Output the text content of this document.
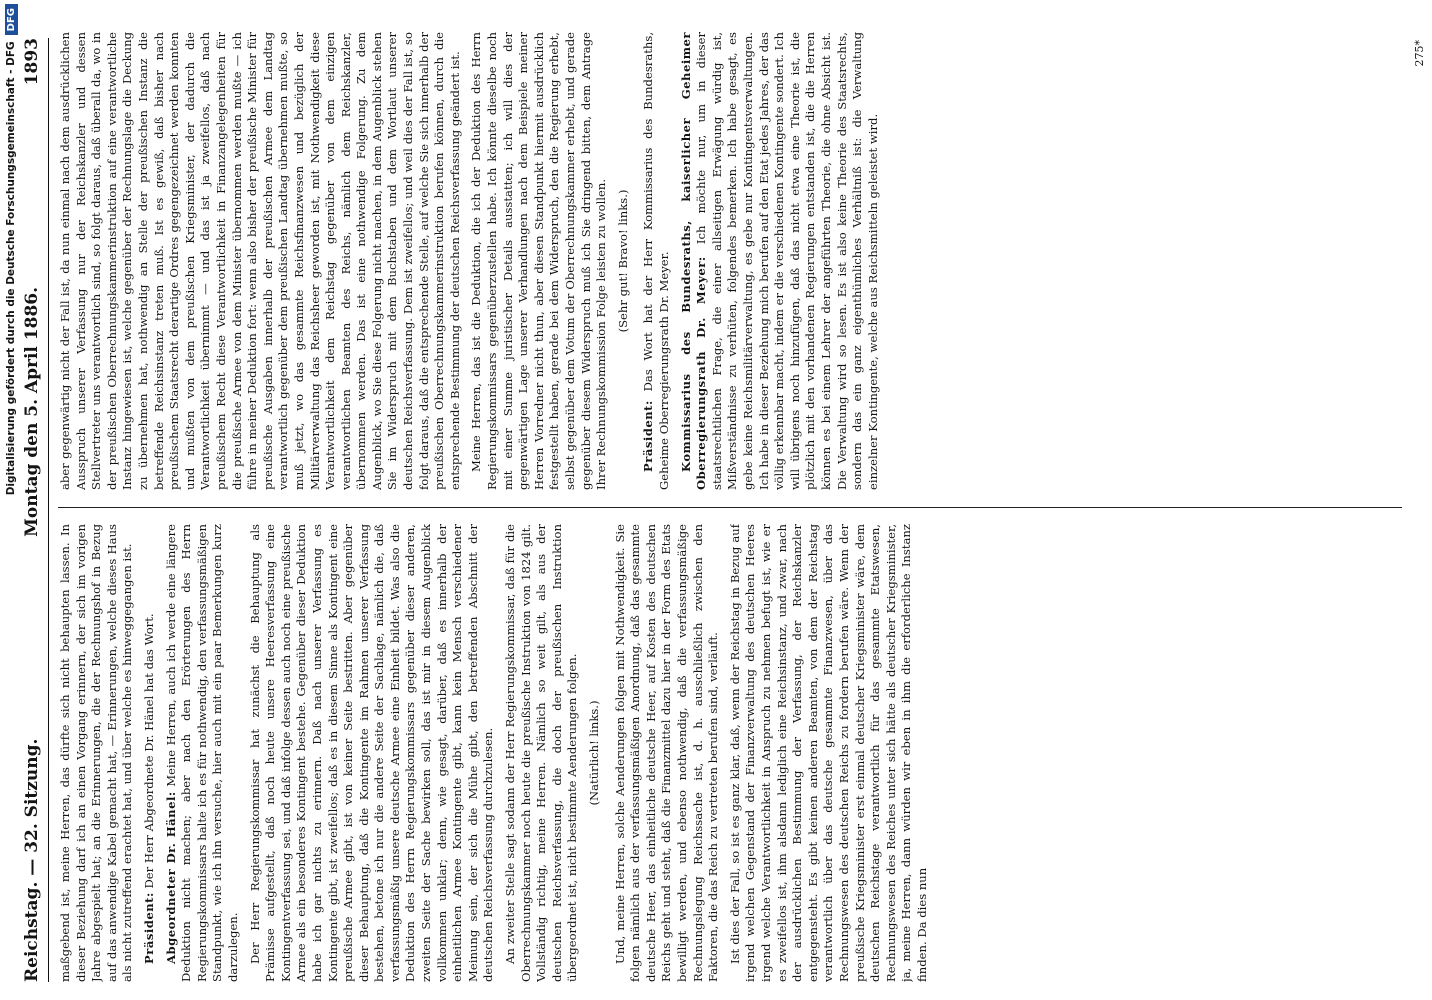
Digitalisierung gefördert durch die Deutsche Forschungsgemeinschaft - DFG
DFG
Reichstag. — 32. Sitzung.
Montag den 5. April 1886.
1893

maßgebend ist, meine Herren, das dürfte sich nicht behaupten lassen. In dieser Beziehung darf ich an einen Vorgang erinnern, der sich im vorigen Jahre abgespielt hat; an die Erinnerungen, die der Rechnungshof in Bezug auf das anwendige Kabel gemacht hat, — Erinnerungen, welche dieses Haus als nicht zutreffend erachtet hat, und über welche es hinweggegangen ist. Präsident: Der Herr Abgeordnete Dr. Hänel hat das Wort. Abgeordneter Dr. Hänel: Meine Herren, auch ich werde eine längere Deduktion nicht machen; aber nach den Erörterungen des Herrn Regierungskommissars halte ich es für nothwendig, den verfassungsmäßigen Standpunkt, wie ich ihn versuche, hier auch mit ein paar Bemerkungen kurz darzulegen. Der Herr Regierungskommissar hat zunächst die Behauptung als Prämisse aufgestellt, daß noch heute unsere Heeresverfassung eine Kontingentverfassung sei, und daß infolge dessen auch noch eine preußische Armee als ein besonderes Kontingent bestehe. Gegenüber dieser Deduktion habe ich gar nichts zu erinnern. Daß nach unserer Verfassung es Kontingente gibt, ist zweifellos; daß es in diesem Sinne als Kontingent eine preußische Armee gibt, ist von keiner Seite bestritten. Aber gegenüber dieser Behauptung, daß die Kontingente im Rahmen unserer Verfassung bestehen, betone ich nur die andere Seite der Sachlage, nämlich die, daß verfassungsmäßig unsere deutsche Armee eine Einheit bildet. Was also die Deduktion des Herrn Regierungskommissars gegenüber dieser anderen, zweiten Seite der Sache bewirken soll, das ist mir in diesem Augenblick vollkommen unklar; denn, wie gesagt, darüber, daß es innerhalb der einheitlichen Armee Kontingente gibt, kann kein Mensch verschiedener Meinung sein, der sich die Mühe gibt, den betreffenden Abschnitt der deutschen Reichsverfassung durchzulesen. An zweiter Stelle sagt sodann der Herr Regierungskommissar, daß für die Oberrechnungskammer noch heute die preußische Instruktion von 1824 gilt. Vollständig richtig, meine Herren. Nämlich so weit gilt, als aus der deutschen Reichsverfassung, die doch der preußischen Instruktion übergeordnet ist, nicht bestimmte Aenderungen folgen. (Natürlich! links.) Und, meine Herren, solche Aenderungen folgen mit Nothwendigkeit. Sie folgen nämlich aus der verfassungsmäßigen Anordnung, daß das gesammte deutsche Heer, das einheitliche deutsche Heer, auf Kosten des deutschen Reichs geht und steht, daß die Finanzmittel dazu hier in der Form des Etats bewilligt werden, und ebenso nothwendig, daß die verfassungsmäßige Rechnungslegung Reichssache ist, d. h. ausschließlich zwischen den Faktoren, die das Reich zu vertreten berufen sind, verläuft. Ist dies der Fall, so ist es ganz klar, daß, wenn der Reichstag in Bezug auf irgend welchen Gegenstand der Finanzverwaltung des deutschen Heeres irgend welche Verantwortlichkeit in Anspruch zu nehmen befugt ist, wie er es zweifellos ist, ihm alsdann lediglich eine Reichsinstanz, und zwar, nach der ausdrücklichen Bestimmung der Verfassung, der Reichskanzler entgegensteht. Es gibt keinen anderen Beamten, von dem der Reichstag verantwortlich über das deutsche gesammte Finanzwesen, über das Rechnungswesen des deutschen Reichs zu fordern berufen wäre. Wenn der preußische Kriegsminister erst einmal deutscher Kriegsminister wäre, dem deutschen Reichstage verantwortlich für das gesammte Etatswesen, Rechnungswesen des Reiches unter sich hätte als deutscher Kriegsminister, ja, meine Herren, dann würden wir eben in ihm die erforderliche Instanz finden. Da dies nun

aber gegenwärtig nicht der Fall ist, da nun einmal nach dem ausdrücklichen Ausspruch unserer Verfassung nur der Reichskanzler und dessen Stellvertreter uns verantwortlich sind, so folgt daraus, daß überall da, wo in der preußischen Oberrechnungskammerinstruktion auf eine verantwortliche Instanz hingewiesen ist, welche gegenüber der Rechnungslage die Deckung zu übernehmen hat, nothwendig an Stelle der preußischen Instanz die betreffende Reichsinstanz treten muß. Ist es gewiß, daß bisher nach preußischem Staatsrecht derartige Ordres gegengezeichnet werden konnten und mußten von dem preußischen Kriegsminister, der dadurch die Verantwortlichkeit übernimmt — und das ist ja zweifellos, daß nach preußischem Recht diese Verantwortlichkeit in Finanzangelegenheiten für die preußische Armee von dem Minister übernommen werden mußte — ich führe in meiner Deduktion fort: wenn also bisher der preußische Minister für preußische Ausgaben innerhalb der preußischen Armee dem Landtag verantwortlich gegenüber dem preußischen Landtag übernehmen mußte, so muß jetzt, wo das gesammte Reichsfinanzwesen und bezüglich der Militärverwaltung das Reichsheer geworden ist, mit Nothwendigkeit diese Verantwortlichkeit dem Reichstag gegenüber von dem einzigen verantwortlichen Beamten des Reichs, nämlich dem Reichskanzler, übernommen werden. Das ist eine nothwendige Folgerung. Zu dem Augenblick, wo Sie diese Folgerung nicht machen, in dem Augenblick stehen Sie im Widerspruch mit dem Buchstaben und dem Wortlaut unserer deutschen Reichsverfassung. Dem ist zweifellos; und weil dies der Fall ist, so folgt daraus, daß die entsprechende Stelle, auf welche Sie sich innerhalb der preußischen Oberrechnungskammerinstruktion berufen können, durch die entsprechende Bestimmung der deutschen Reichsverfassung geändert ist. Meine Herren, das ist die Deduktion, die ich der Deduktion des Herrn Regierungskommissars gegenüberzustellen habe. Ich könnte dieselbe noch mit einer Summe juristischer Details ausstatten; ich will dies der gegenwärtigen Lage unserer Verhandlungen nach dem Beispiele meiner Herren Vorredner nicht thun, aber diesen Standpunkt hiermit ausdrücklich festgestellt haben, gerade bei dem Widerspruch, den die Regierung erhebt, selbst gegenüber dem Votum der Oberrechnungskammer erhebt, und gerade gegenüber diesem Widerspruch muß ich Sie dringend bitten, dem Antrage Ihrer Rechnungskommission Folge leisten zu wollen. (Sehr gut! Bravo! links.)

Präsident: Das Wort hat der Herr Kommissarius des Bundesraths, Geheime Oberregierungsrath Dr. Meyer. Kommissarius des Bundesraths, kaiserlicher Geheimer Oberregierungsrath Dr. Meyer: Ich möchte nur, um in dieser staatsrechtlichen Frage, die einer allseitigen Erwägung würdig ist, Mißverständnisse zu verhüten, folgendes bemerken. Ich habe gesagt, es gebe keine Reichsmilitärverwaltung, es gebe nur Kontingentsverwaltungen. Ich habe in dieser Beziehung mich berufen auf den Etat jedes Jahres, der das völlig erkennbar macht, indem er die verschiedenen Kontingente sondert. Ich will übrigens noch hinzufügen, daß das nicht etwa eine Theorie ist, die plötzlich mit den vorhandenen Regierungen entstanden ist, die die Herren können es bei einem Lehrer der angeführten Theorie, die ohne Absicht ist. Die Verwaltung wird so lesen. Es ist also keine Theorie des Staatsrechts, sondern das ein ganz eigenthümliches Verhältniß ist: die Verwaltung einzelner Kontingente, welche aus Reichsmitteln geleistet wird.

275*
